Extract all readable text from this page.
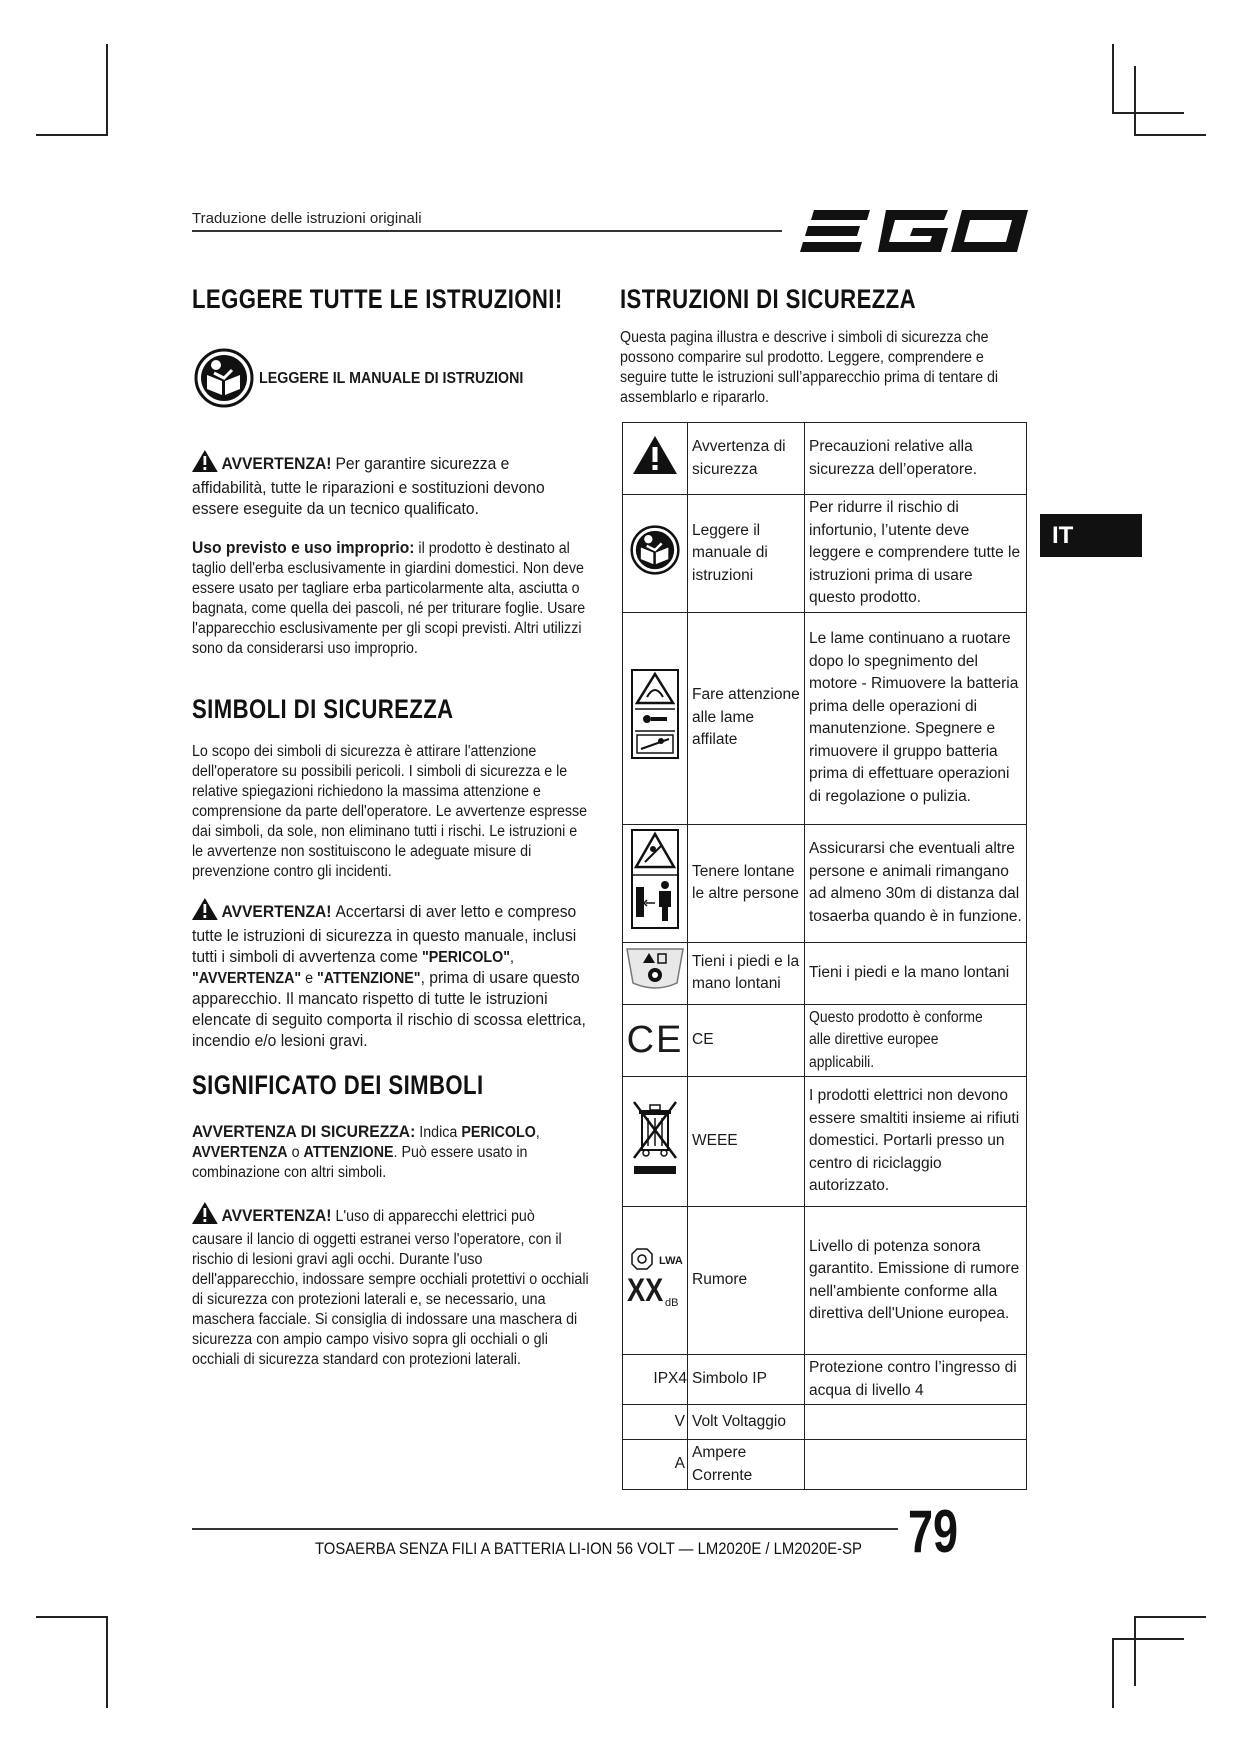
Traduzione delle istruzioni originali
IT
LEGGERE TUTTE LE ISTRUZIONI!
LEGGERE IL MANUALE DI ISTRUZIONI
AVVERTENZA! Per garantire sicurezza e affidabilità, tutte le riparazioni e sostituzioni devono essere eseguite da un tecnico qualificato.
Uso previsto e uso improprio: il prodotto è destinato al taglio dell'erba esclusivamente in giardini domestici. Non deve essere usato per tagliare erba particolarmente alta, asciutta o bagnata, come quella dei pascoli, né per triturare foglie. Usare l'apparecchio esclusivamente per gli scopi previsti. Altri utilizzi sono da considerarsi uso improprio.
SIMBOLI DI SICUREZZA
Lo scopo dei simboli di sicurezza è attirare l'attenzione dell'operatore su possibili pericoli. I simboli di sicurezza e le relative spiegazioni richiedono la massima attenzione e comprensione da parte dell'operatore. Le avvertenze espresse dai simboli, da sole, non eliminano tutti i rischi. Le istruzioni e le avvertenze non sostituiscono le adeguate misure di prevenzione contro gli incidenti.
AVVERTENZA! Accertarsi di aver letto e compreso tutte le istruzioni di sicurezza in questo manuale, inclusi tutti i simboli di avvertenza come "PERICOLO", "AVVERTENZA" e "ATTENZIONE", prima di usare questo apparecchio. Il mancato rispetto di tutte le istruzioni elencate di seguito comporta il rischio di scossa elettrica, incendio e/o lesioni gravi.
SIGNIFICATO DEI SIMBOLI
AVVERTENZA DI SICUREZZA: Indica PERICOLO, AVVERTENZA o ATTENZIONE. Può essere usato in combinazione con altri simboli.
AVVERTENZA! L'uso di apparecchi elettrici può causare il lancio di oggetti estranei verso l'operatore, con il rischio di lesioni gravi agli occhi. Durante l'uso dell'apparecchio, indossare sempre occhiali protettivi o occhiali di sicurezza con protezioni laterali e, se necessario, una maschera facciale. Si consiglia di indossare una maschera di sicurezza con ampio campo visivo sopra gli occhiali o gli occhiali di sicurezza standard con protezioni laterali.
ISTRUZIONI DI SICUREZZA
Questa pagina illustra e descrive i simboli di sicurezza che possono comparire sul prodotto. Leggere, comprendere e seguire tutte le istruzioni sull’apparecchio prima di tentare di assemblarlo e ripararlo.
	Avvertenza di sicurezza	Precauzioni relative alla sicurezza dell’operatore.
	Leggere il manuale di istruzioni	Per ridurre il rischio di infortunio, l’utente deve leggere e comprendere tutte le istruzioni prima di usare questo prodotto.
	Fare attenzione alle lame affilate	Le lame continuano a ruotare dopo lo spegnimento del motore - Rimuovere la batteria prima delle operazioni di manutenzione. Spegnere e rimuovere il gruppo batteria prima di effettuare operazioni di regolazione o pulizia.
	Tenere lontane le altre persone	Assicurarsi che eventuali altre persone e animali rimangano ad almeno 30m di distanza dal tosaerba quando è in funzione.
	Tieni i piedi e la mano lontani	Tieni i piedi e la mano lontani
CE	CE	Questo prodotto è conforme alle direttive europee applicabili.
	WEEE	I prodotti elettrici non devono essere smaltiti insieme ai rifiuti domestici. Portarli presso un centro di riciclaggio autorizzato.

LWA
XX dB	Rumore	Livello di potenza sonora garantito. Emissione di rumore nell'ambiente conforme alla direttiva dell'Unione europea.
IPX4	Simbolo IP	Protezione contro l’ingresso di acqua di livello 4
V	Volt Voltaggio	
A	Ampere Corrente	
TOSAERBA SENZA FILI A BATTERIA LI-ION 56 VOLT — LM2020E / LM2020E-SP 79
